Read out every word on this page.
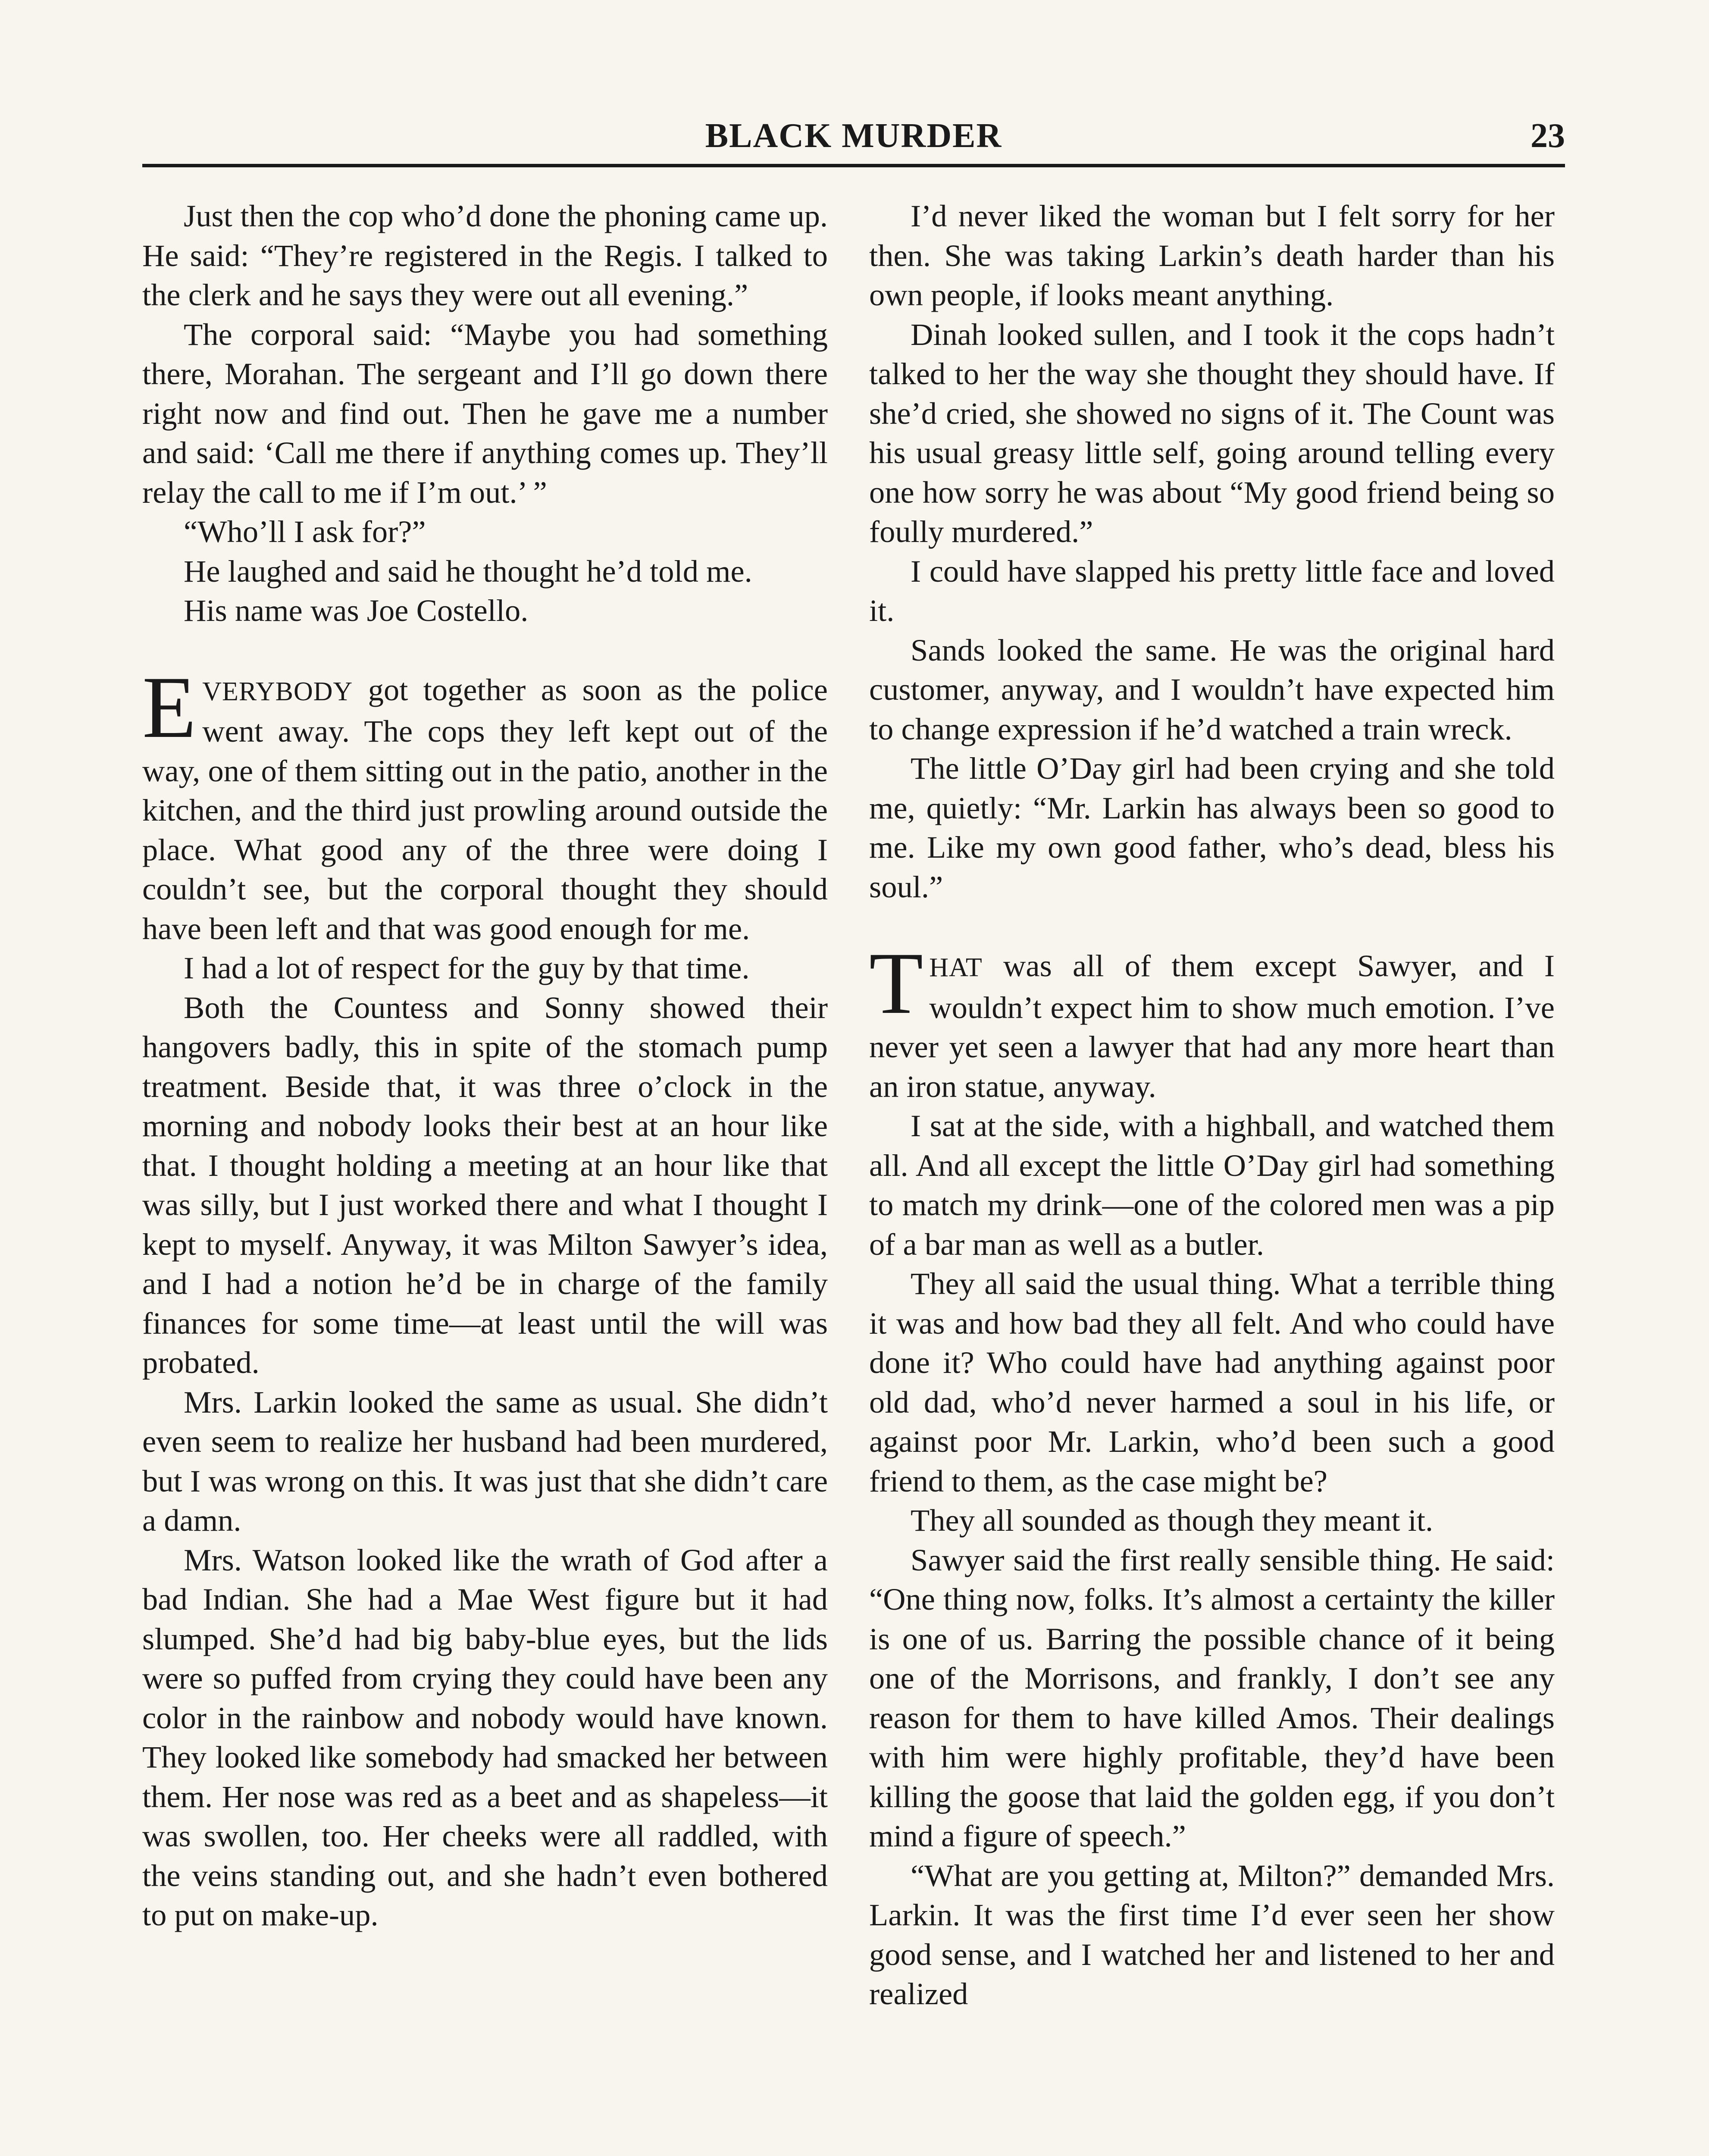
BLACK MURDER	23

Just then the cop who’d done the phoning came up. He said: “They’re registered in the Regis. I talked to the clerk and he says they were out all evening.”

The corporal said: “Maybe you had something there, Morahan. The sergeant and I’ll go down there right now and find out. Then he gave me a number and said: ‘Call me there if anything comes up. They’ll relay the call to me if I’m out.’ ”

“Who’ll I ask for?”

He laughed and said he thought he’d told me.

His name was Joe Costello.

EVERYBODY got together as soon as the police went away. The cops they left kept out of the way, one of them sitting out in the patio, another in the kitchen, and the third just prowling around outside the place. What good any of the three were doing I couldn’t see, but the corporal thought they should have been left and that was good enough for me.

I had a lot of respect for the guy by that time.

Both the Countess and Sonny showed their hangovers badly, this in spite of the stomach pump treatment. Beside that, it was three o’clock in the morning and nobody looks their best at an hour like that. I thought holding a meeting at an hour like that was silly, but I just worked there and what I thought I kept to myself. Anyway, it was Milton Sawyer’s idea, and I had a notion he’d be in charge of the family finances for some time—at least until the will was probated.

Mrs. Larkin looked the same as usual. She didn’t even seem to realize her husband had been murdered, but I was wrong on this. It was just that she didn’t care a damn.

Mrs. Watson looked like the wrath of God after a bad Indian. She had a Mae West figure but it had slumped. She’d had big baby-blue eyes, but the lids were so puffed from crying they could have been any color in the rainbow and nobody would have known. They looked like somebody had smacked her between them. Her nose was red as a beet and as shapeless—it was swollen, too. Her cheeks were all raddled, with the veins standing out, and she hadn’t even bothered to put on make-up.

I’d never liked the woman but I felt sorry for her then. She was taking Larkin’s death harder than his own people, if looks meant anything.

Dinah looked sullen, and I took it the cops hadn’t talked to her the way she thought they should have. If she’d cried, she showed no signs of it. The Count was his usual greasy little self, going around telling every one how sorry he was about “My good friend being so foully murdered.”

I could have slapped his pretty little face and loved it.

Sands looked the same. He was the original hard customer, anyway, and I wouldn’t have expected him to change expression if he’d watched a train wreck.

The little O’Day girl had been crying and she told me, quietly: “Mr. Larkin has always been so good to me. Like my own good father, who’s dead, bless his soul.”

THAT was all of them except Sawyer, and I wouldn’t expect him to show much emotion. I’ve never yet seen a lawyer that had any more heart than an iron statue, anyway.

I sat at the side, with a highball, and watched them all. And all except the little O’Day girl had something to match my drink—one of the colored men was a pip of a bar man as well as a butler.

They all said the usual thing. What a terrible thing it was and how bad they all felt. And who could have done it? Who could have had anything against poor old dad, who’d never harmed a soul in his life, or against poor Mr. Larkin, who’d been such a good friend to them, as the case might be?

They all sounded as though they meant it.

Sawyer said the first really sensible thing. He said: “One thing now, folks. It’s almost a certainty the killer is one of us. Barring the possible chance of it being one of the Morrisons, and frankly, I don’t see any reason for them to have killed Amos. Their dealings with him were highly profitable, they’d have been killing the goose that laid the golden egg, if you don’t mind a figure of speech.”

“What are you getting at, Milton?” demanded Mrs. Larkin. It was the first time I’d ever seen her show good sense, and I watched her and listened to her and realized
